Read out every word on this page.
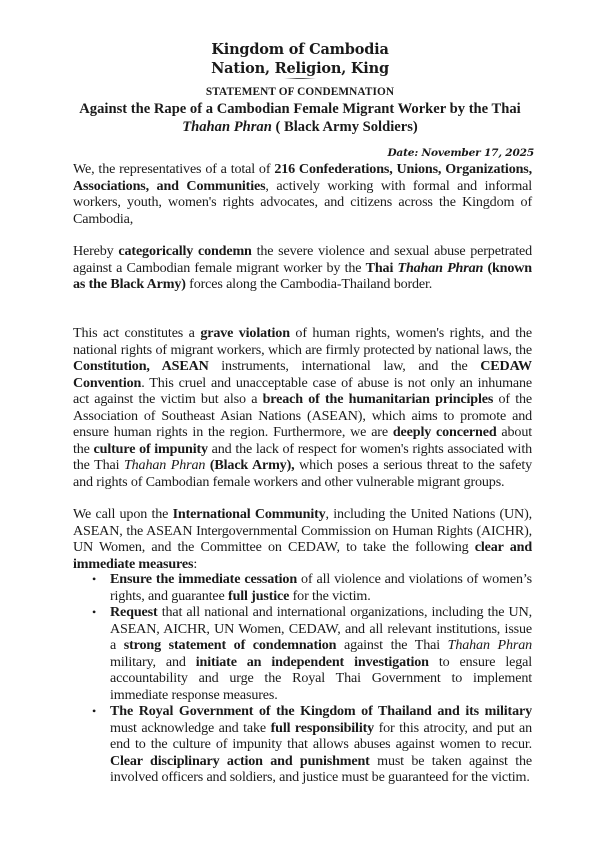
Kingdom of Cambodia
Nation, Religion, King
STATEMENT OF CONDEMNATION
Against the Rape of a Cambodian Female Migrant Worker by the Thai
Thahan Phran ( Black Army Soldiers)
Date: November 17, 2025
We, the representatives of a total of 216 Confederations, Unions, Organizations, Associations, and Communities, actively working with formal and informal workers, youth, women's rights advocates, and citizens across the Kingdom of Cambodia,
Hereby categorically condemn the severe violence and sexual abuse perpetrated against a Cambodian female migrant worker by the Thai Thahan Phran (known as the Black Army) forces along the Cambodia-Thailand border.
This act constitutes a grave violation of human rights, women's rights, and the national rights of migrant workers, which are firmly protected by national laws, the Constitution, ASEAN instruments, international law, and the CEDAW Convention. This cruel and unacceptable case of abuse is not only an inhumane act against the victim but also a breach of the humanitarian principles of the Association of Southeast Asian Nations (ASEAN), which aims to promote and ensure human rights in the region. Furthermore, we are deeply concerned about the culture of impunity and the lack of respect for women's rights associated with the Thai Thahan Phran (Black Army), which poses a serious threat to the safety and rights of Cambodian female workers and other vulnerable migrant groups.
We call upon the International Community, including the United Nations (UN), ASEAN, the ASEAN Intergovernmental Commission on Human Rights (AICHR), UN Women, and the Committee on CEDAW, to take the following clear and immediate measures:
• Ensure the immediate cessation of all violence and violations of women’s rights, and guarantee full justice for the victim.
• Request that all national and international organizations, including the UN, ASEAN, AICHR, UN Women, CEDAW, and all relevant institutions, issue a strong statement of condemnation against the Thai Thahan Phran military, and initiate an independent investigation to ensure legal accountability and urge the Royal Thai Government to implement immediate response measures.
• The Royal Government of the Kingdom of Thailand and its military must acknowledge and take full responsibility for this atrocity, and put an end to the culture of impunity that allows abuses against women to recur. Clear disciplinary action and punishment must be taken against the involved officers and soldiers, and justice must be guaranteed for the victim.
